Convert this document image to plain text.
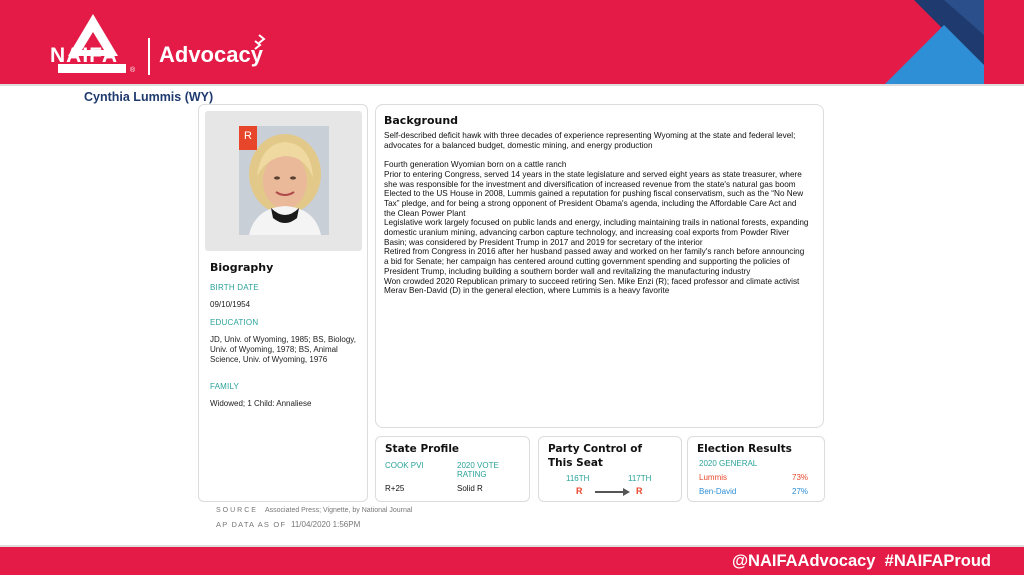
NAIFA
®
Advocacy
Cynthia Lummis (WY)
R
Biography
BIRTH DATE
09/10/1954
EDUCATION
JD, Univ. of Wyoming, 1985; BS, Biology, Univ. of Wyoming, 1978; BS, Animal Science, Univ. of Wyoming, 1976
FAMILY
Widowed; 1 Child: Annaliese
Background

Self-described deficit hawk with three decades of experience representing Wyoming at the state and federal level; advocates for a balanced budget, domestic mining, and energy production

Fourth generation Wyomian born on a cattle ranch

Prior to entering Congress, served 14 years in the state legislature and served eight years as state treasurer, where she was responsible for the investment and diversification of increased revenue from the state's natural gas boom

Elected to the US House in 2008, Lummis gained a reputation for pushing fiscal conservatism, such as the “No New Tax” pledge, and for being a strong opponent of President Obama's agenda, including the Affordable Care Act and the Clean Power Plant

Legislative work largely focused on public lands and energy, including maintaining trails in national forests, expanding domestic uranium mining, advancing carbon capture technology, and increasing coal exports from Powder River Basin; was considered by President Trump in 2017 and 2019 for secretary of the interior

Retired from Congress in 2016 after her husband passed away and worked on her family's ranch before announcing a bid for Senate; her campaign has centered around cutting government spending and supporting the policies of President Trump, including building a southern border wall and revitalizing the manufacturing industry

Won crowded 2020 Republican primary to succeed retiring Sen. Mike Enzi (R); faced professor and climate activist Merav Ben-David (D) in the general election, where Lummis is a heavy favorite

State Profile
COOK PVI	2020 VOTE RATING
R+25	Solid R
Party Control of This Seat
116TH	117TH
R	R
Election Results
2020 GENERAL
Lummis	73%
Ben-David	27%
SOURCE Associated Press; Vignette, by National Journal
AP DATA AS OF 11/04/2020 1:56PM
@NAIFAAdvocacy  #NAIFAProud
